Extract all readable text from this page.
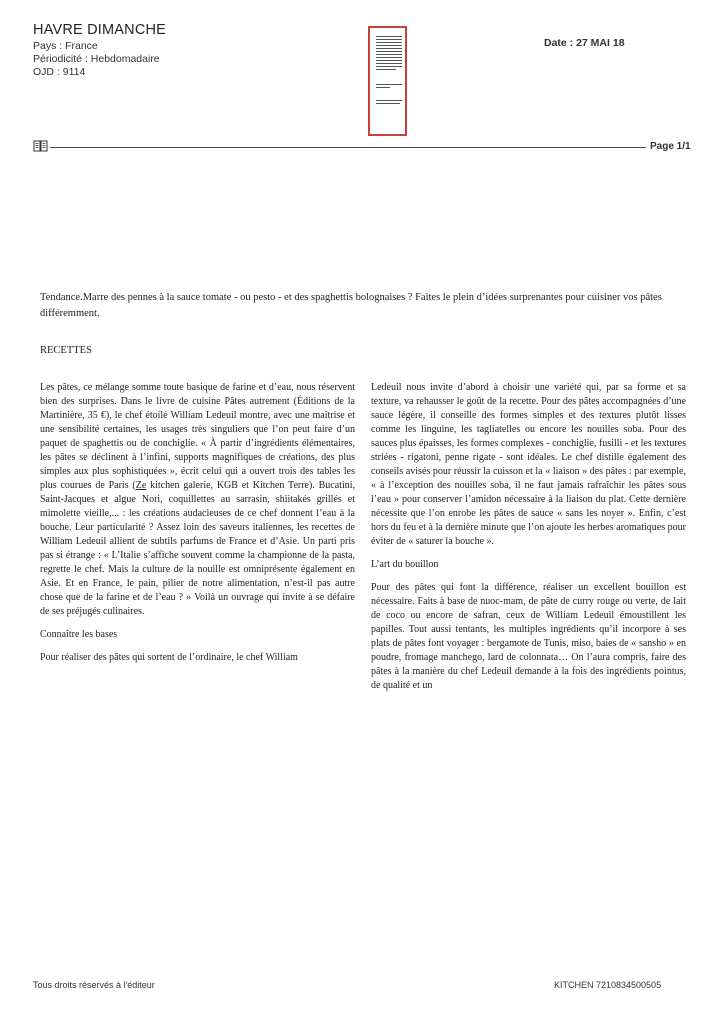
HAVRE DIMANCHE
Pays : France
Périodicité : Hebdomadaire
OJD : 9114
Date : 27 MAI 18
Page 1/1

Tendance.Marre des pennes à la sauce tomate - ou pesto - et des spaghettis bolognaises ? Faites le plein d’idées surprenantes pour cuisiner vos pâtes différemment.

RECETTES

Les pâtes, ce mélange somme toute basique de farine et d’eau, nous réservent bien des surprises. Dans le livre de cuisine Pâtes autrement (Éditions de la Martinière, 35 €), le chef étoilé William Ledeuil montre, avec une maîtrise et une sensibilité certaines, les usages très singuliers que l’on peut faire d’un paquet de spaghettis ou de conchiglie. « À partir d’ingrédients élémentaires, les pâtes se déclinent à l’infini, supports magnifiques de créations, des plus simples aux plus sophistiquées », écrit celui qui a ouvert trois des tables les plus courues de Paris (Ze kitchen galerie, KGB et Kitchen Terre). Bucatini, Saint-Jacques et algue Nori, coquillettes au sarrasin, shiitakés grillés et mimolette vieille,... : les créations audacieuses de ce chef donnent l’eau à la bouche. Leur particularité ? Assez loin des saveurs italiennes, les recettes de William Ledeuil allient de subtils parfums de France et d’Asie. Un parti pris pas si étrange : « L’Italie s’affiche souvent comme la championne de la pasta, regrette le chef. Mais la culture de la nouille est omniprésente également en Asie. Et en France, le pain, pilier de notre alimentation, n’est-il pas autre chose que de la farine et de l’eau ? » Voilà un ouvrage qui invite à se défaire de ses préjugés culinaires.

Connaître les bases

Pour réaliser des pâtes qui sortent de l’ordinaire, le chef William

Ledeuil nous invite d’abord à choisir une variété qui, par sa forme et sa texture, va rehausser le goût de la recette. Pour des pâtes accompagnées d’une sauce légère, il conseille des formes simples et des textures plutôt lisses comme les linguine, les tagliatelles ou encore les nouilles soba. Pour des sauces plus épaisses, les formes complexes - conchiglie, fusilli - et les textures striées - rigatoni, penne rigate - sont idéales. Le chef distille également des conseils avisés pour réussir la cuisson et la « liaison » des pâtes : par exemple, « à l’exception des nouilles soba, il ne faut jamais rafraîchir les pâtes sous l’eau » pour conserver l’amidon nécessaire à la liaison du plat. Cette dernière nécessite que l’on enrobe les pâtes de sauce « sans les noyer ». Enfin, c’est hors du feu et à la dernière minute que l’on ajoute les herbes aromatiques pour éviter de « saturer la bouche ».

L’art du bouillon

Pour des pâtes qui font la différence, réaliser un excellent bouillon est nécessaire. Faits à base de nuoc-mam, de pâte de curry rouge ou verte, de lait de coco ou encore de safran, ceux de William Ledeuil émoustillent les papilles. Tout aussi tentants, les multiples ingrédients qu’il incorpore à ses plats de pâtes font voyager : bergamote de Tunis, miso, baies de « sansho » en poudre, fromage manchego, lard de colonnata… On l’aura compris, faire des pâtes à la manière du chef Ledeuil demande à la fois des ingrédients pointus, de qualité et un

Tous droits réservés à l'éditeur	KITCHEN 7210834500505
